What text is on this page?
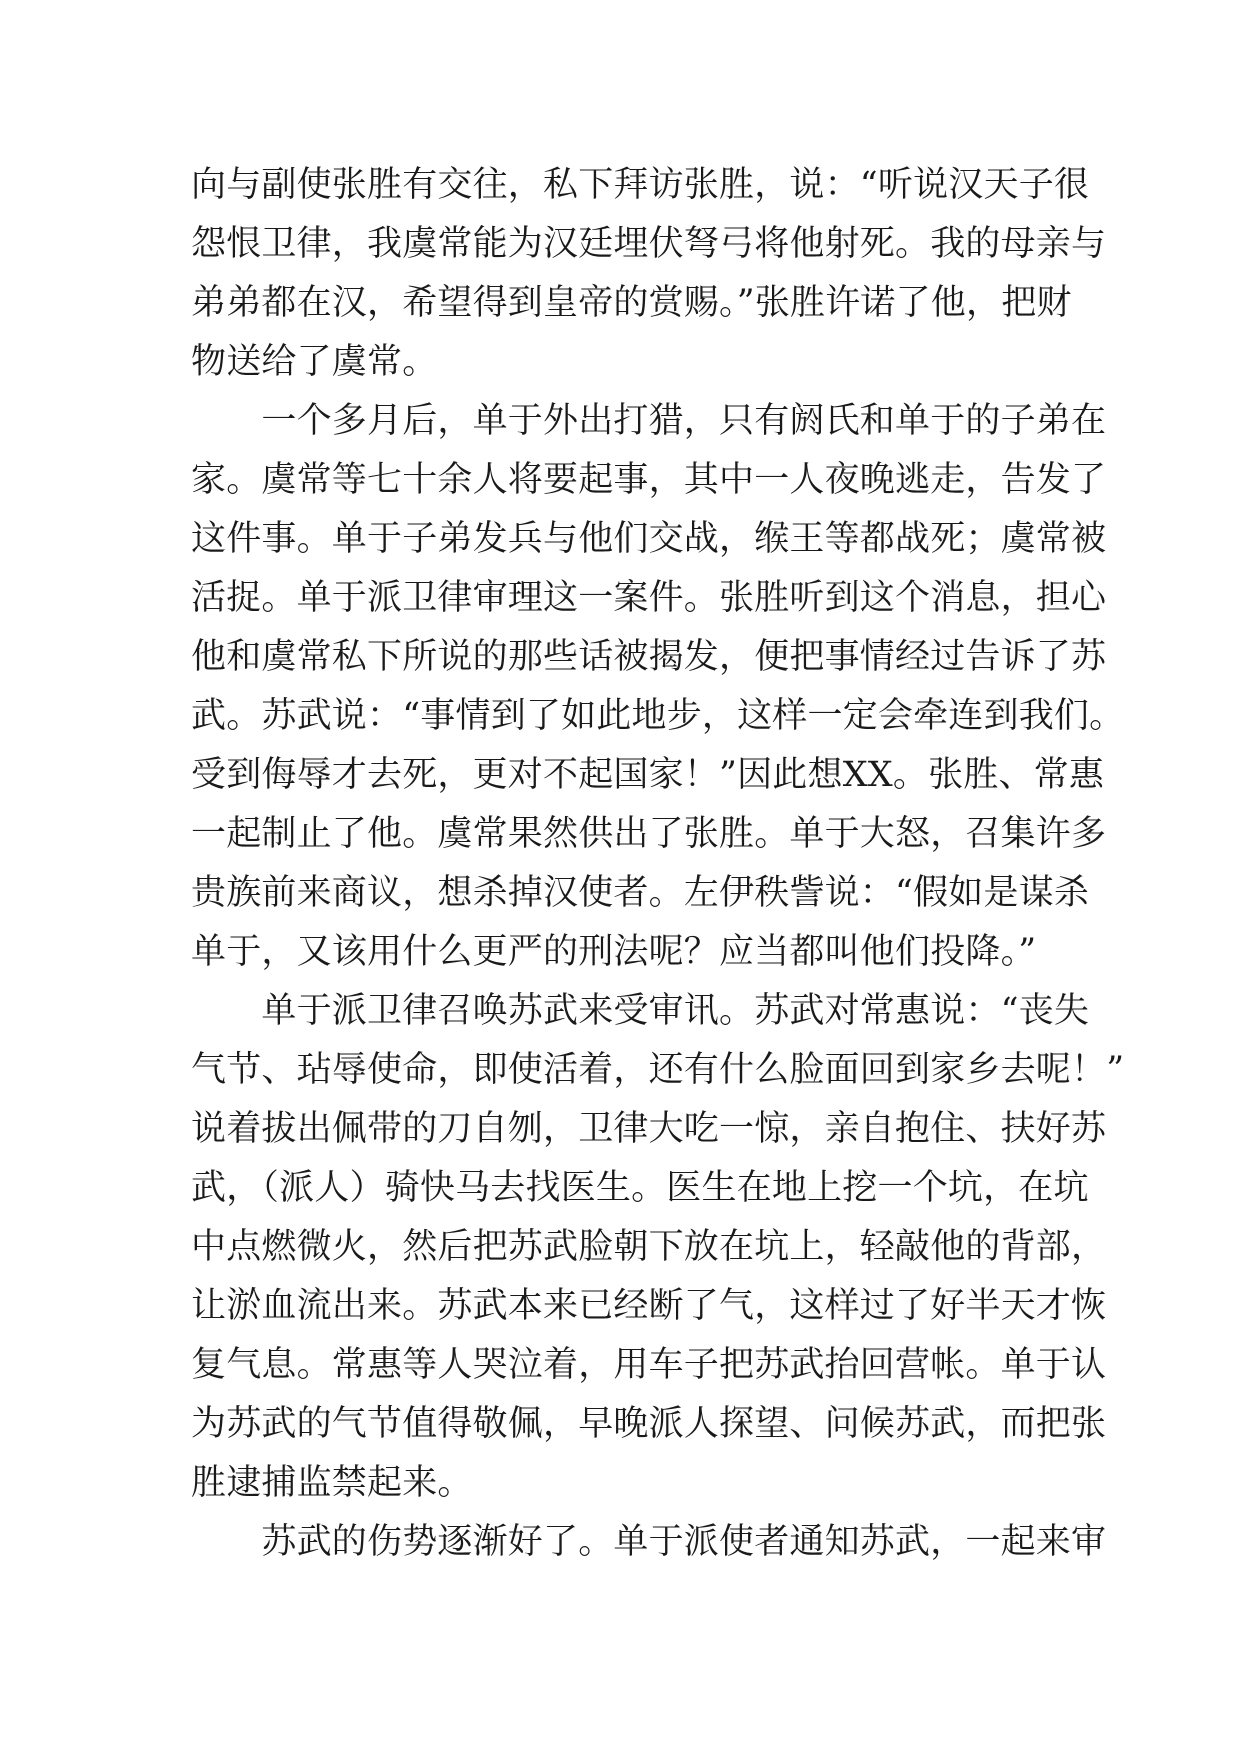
向与副使张胜有交往，私下拜访张胜，说：“听说汉天子很
怨恨卫律，我虞常能为汉廷埋伏弩弓将他射死。我的母亲与
弟弟都在汉，希望得到皇帝的赏赐。”张胜许诺了他，把财
物送给了虞常。
　　一个多月后，单于外出打猎，只有阏氏和单于的子弟在
家。虞常等七十余人将要起事，其中一人夜晚逃走，告发了
这件事。单于子弟发兵与他们交战，缑王等都战死；虞常被
活捉。单于派卫律审理这一案件。张胜听到这个消息，担心
他和虞常私下所说的那些话被揭发，便把事情经过告诉了苏
武。苏武说：“事情到了如此地步，这样一定会牵连到我们。
受到侮辱才去死，更对不起国家！”因此想XX。张胜、常惠
一起制止了他。虞常果然供出了张胜。单于大怒，召集许多
贵族前来商议，想杀掉汉使者。左伊秩訾说：“假如是谋杀
单于，又该用什么更严的刑法呢？应当都叫他们投降。”
　　单于派卫律召唤苏武来受审讯。苏武对常惠说：“丧失
气节、玷辱使命，即使活着，还有什么脸面回到家乡去呢！”
说着拔出佩带的刀自刎，卫律大吃一惊，亲自抱住、扶好苏
武，（派人）骑快马去找医生。医生在地上挖一个坑，在坑
中点燃微火，然后把苏武脸朝下放在坑上，轻敲他的背部，
让淤血流出来。苏武本来已经断了气，这样过了好半天才恢
复气息。常惠等人哭泣着，用车子把苏武抬回营帐。单于认
为苏武的气节值得敬佩，早晚派人探望、问候苏武，而把张
胜逮捕监禁起来。
　　苏武的伤势逐渐好了。单于派使者通知苏武，一起来审
